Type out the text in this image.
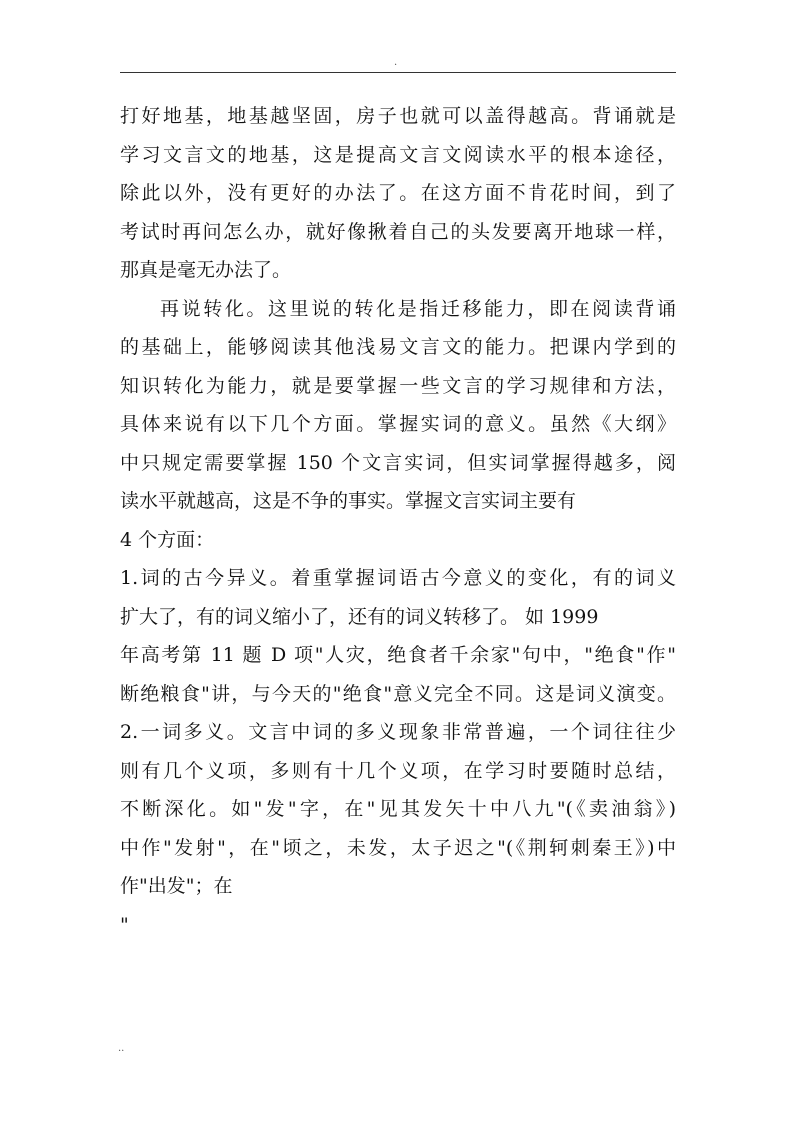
.
打好地基，地基越坚固，房子也就可以盖得越高。背诵就是
学习文言文的地基，这是提高文言文阅读水平的根本途径，
除此以外，没有更好的办法了。在这方面不肯花时间，到了
考试时再问怎么办，就好像揪着自己的头发要离开地球一样，
那真是毫无办法了。
再说转化。这里说的转化是指迁移能力，即在阅读背诵
的基础上，能够阅读其他浅易文言文的能力。把课内学到的
知识转化为能力，就是要掌握一些文言的学习规律和方法，
具体来说有以下几个方面。掌握实词的意义。虽然《大纲》
中只规定需要掌握 150 个文言实词，但实词掌握得越多，阅
读水平就越高，这是不争的事实。掌握文言实词主要有
4 个方面：
1.词的古今异义。着重掌握词语古今意义的变化，有的词义
扩大了，有的词义缩小了，还有的词义转移了。 如 1999
年高考第 11 题 D 项"人灾，绝食者千余家"句中，"绝食"作"
断绝粮食"讲，与今天的"绝食"意义完全不同。这是词义演变。
2.一词多义。文言中词的多义现象非常普遍，一个词往往少
则有几个义项，多则有十几个义项，在学习时要随时总结，
不断深化。如"发"字，在"见其发矢十中八九"(《卖油翁》)
中作"发射"，在"顷之，未发，太子迟之"(《荆轲刺秦王》)中
作"出发"；在
"
..
